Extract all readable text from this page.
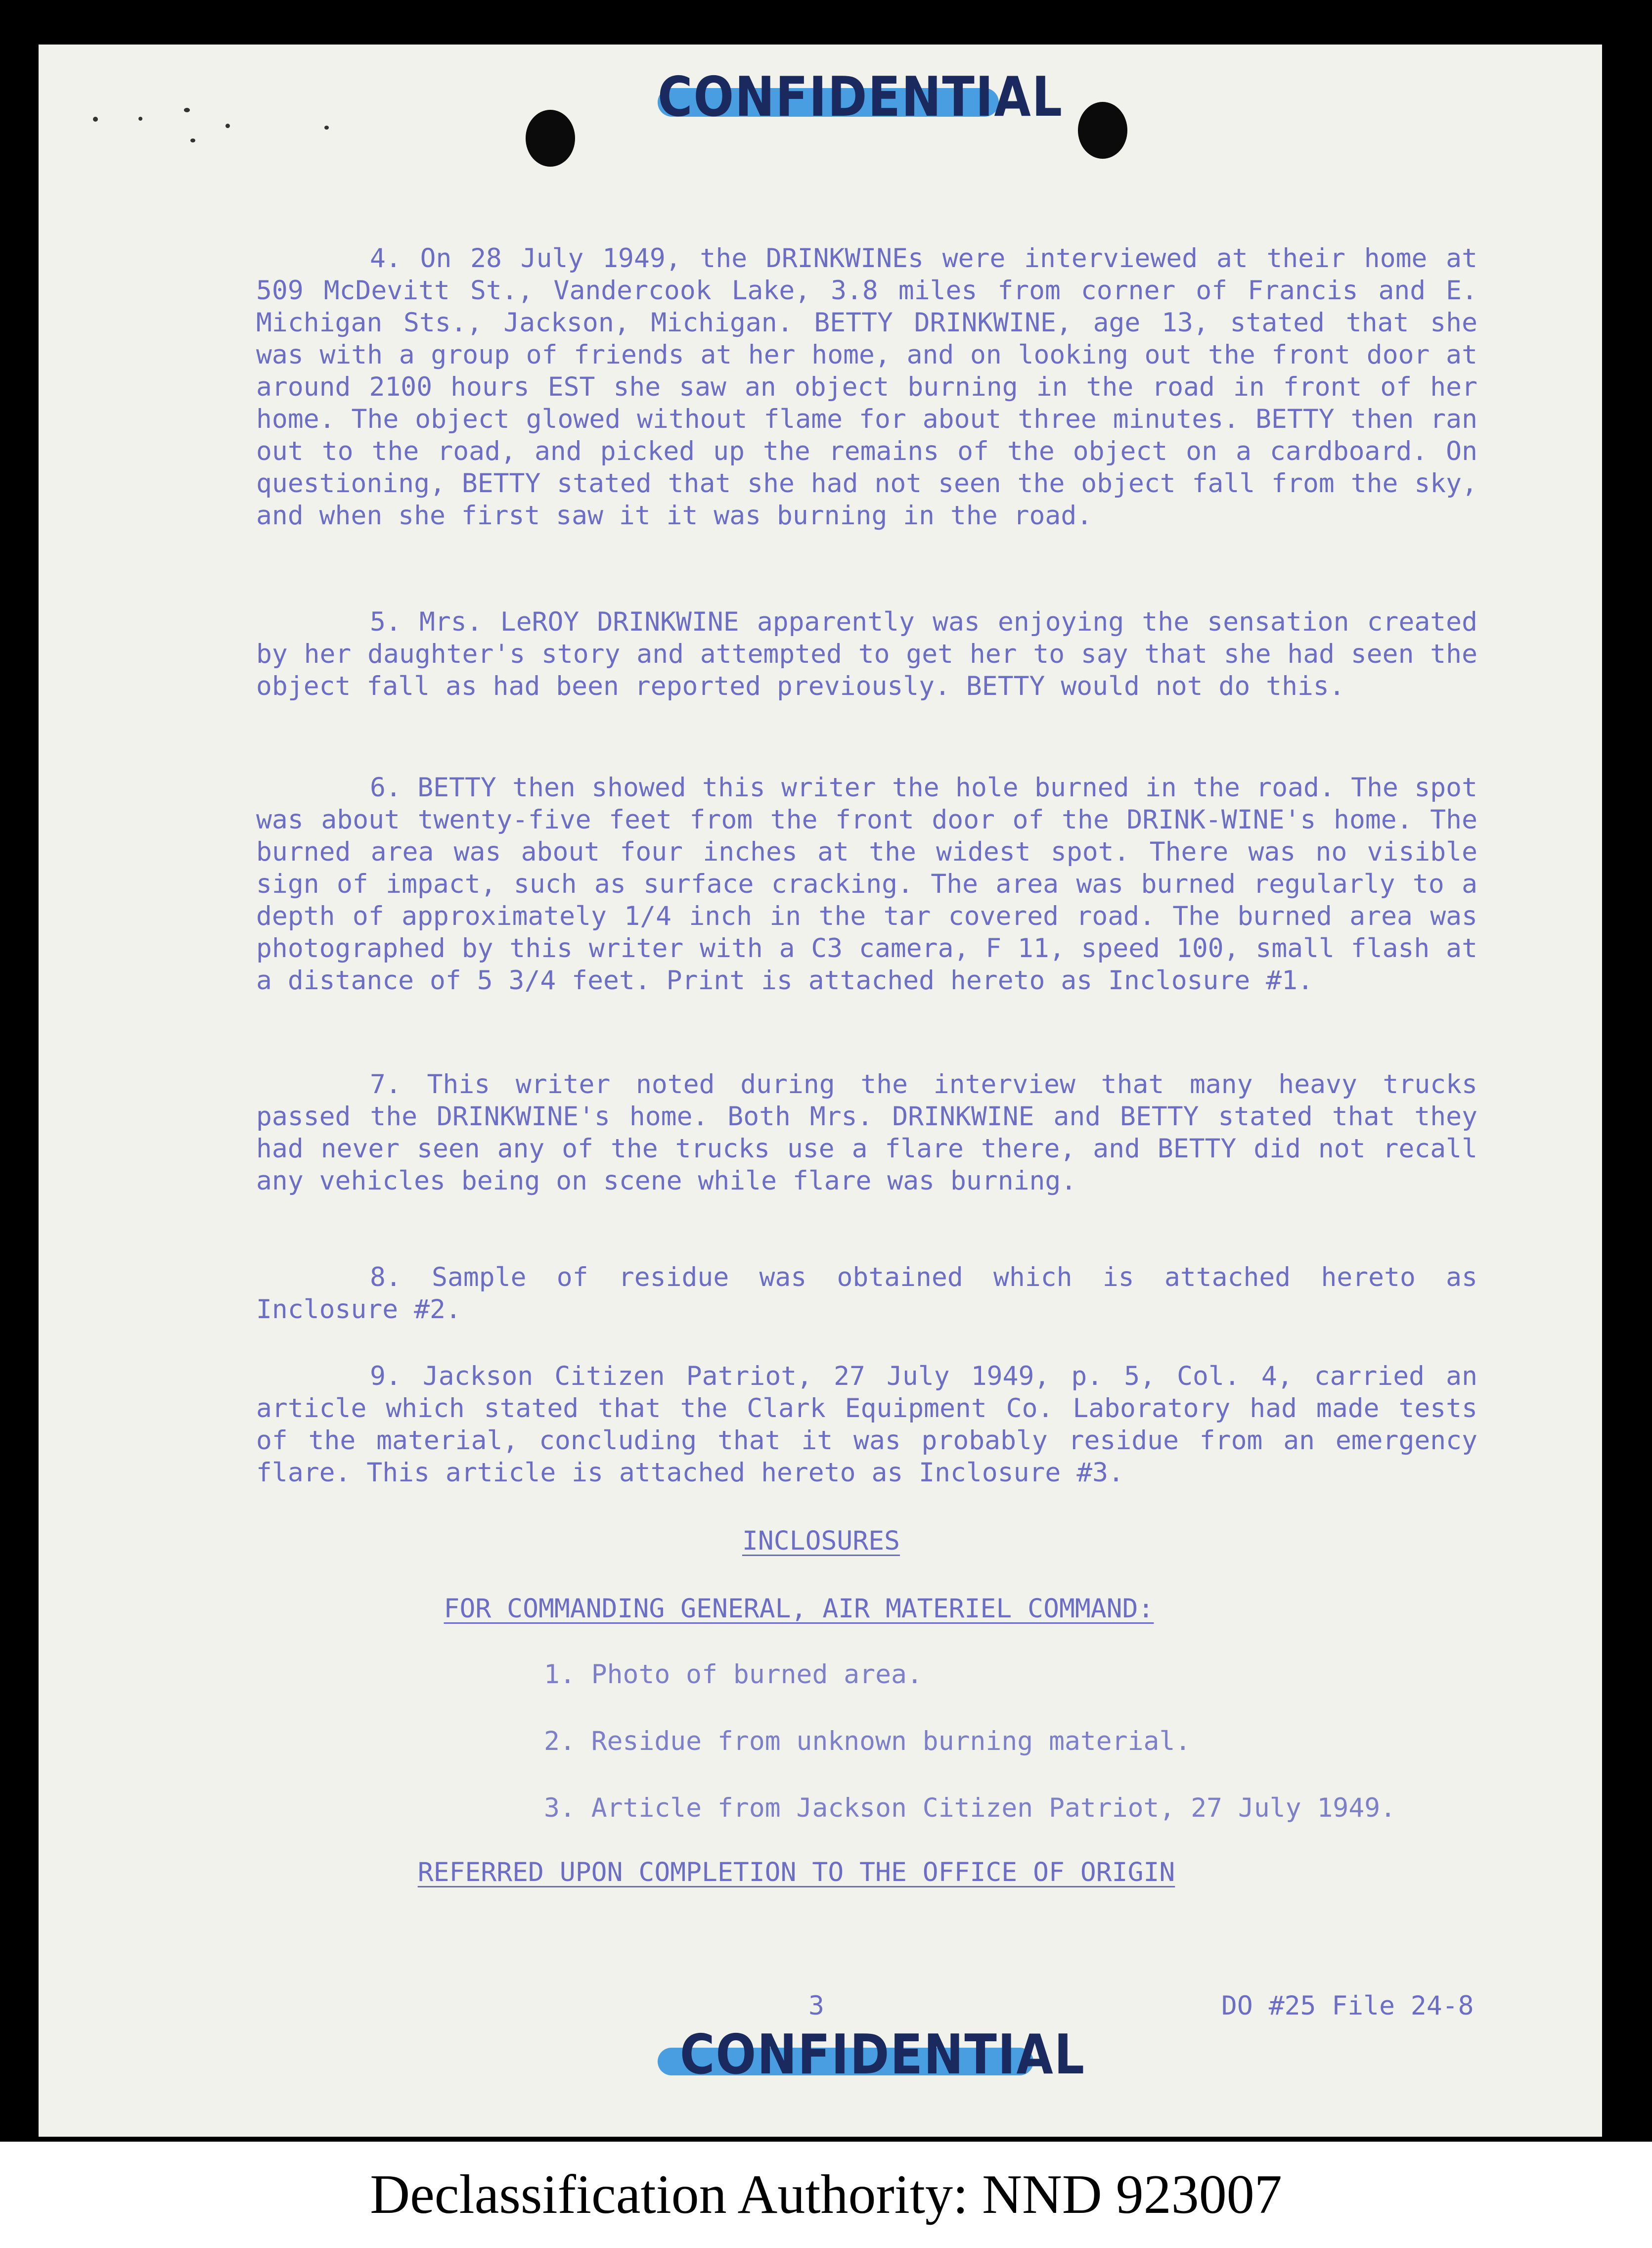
CONFIDENTIAL

4. On 28 July 1949, the DRINKWINEs were interviewed at their home at 509 McDevitt St., Vandercook Lake, 3.8 miles from corner of Francis and E. Michigan Sts., Jackson, Michigan. BETTY DRINKWINE, age 13, stated that she was with a group of friends at her home, and on looking out the front door at around 2100 hours EST she saw an object burning in the road in front of her home. The object glowed without flame for about three minutes. BETTY then ran out to the road, and picked up the remains of the object on a cardboard. On questioning, BETTY stated that she had not seen the object fall from the sky, and when she first saw it it was burning in the road.

5. Mrs. LeROY DRINKWINE apparently was enjoying the sensation created by her daughter's story and attempted to get her to say that she had seen the object fall as had been reported previously. BETTY would not do this.

6. BETTY then showed this writer the hole burned in the road. The spot was about twenty-five feet from the front door of the DRINK-WINE's home. The burned area was about four inches at the widest spot. There was no visible sign of impact, such as surface cracking. The area was burned regularly to a depth of approximately 1/4 inch in the tar covered road. The burned area was photographed by this writer with a C3 camera, F 11, speed 100, small flash at a distance of 5 3/4 feet. Print is attached hereto as Inclosure #1.

7. This writer noted during the interview that many heavy trucks passed the DRINKWINE's home. Both Mrs. DRINKWINE and BETTY stated that they had never seen any of the trucks use a flare there, and BETTY did not recall any vehicles being on scene while flare was burning.

8. Sample of residue was obtained which is attached hereto as Inclosure #2.

9. Jackson Citizen Patriot, 27 July 1949, p. 5, Col. 4, carried an article which stated that the Clark Equipment Co. Laboratory had made tests of the material, concluding that it was probably residue from an emergency flare. This article is attached hereto as Inclosure #3.

INCLOSURES
FOR COMMANDING GENERAL, AIR MATERIEL COMMAND:
1. Photo of burned area.
2. Residue from unknown burning material.
3. Article from Jackson Citizen Patriot, 27 July 1949.
REFERRED UPON COMPLETION TO THE OFFICE OF ORIGIN
3	DO #25 File 24-8
CONFIDENTIAL
Declassification Authority: NND 923007
